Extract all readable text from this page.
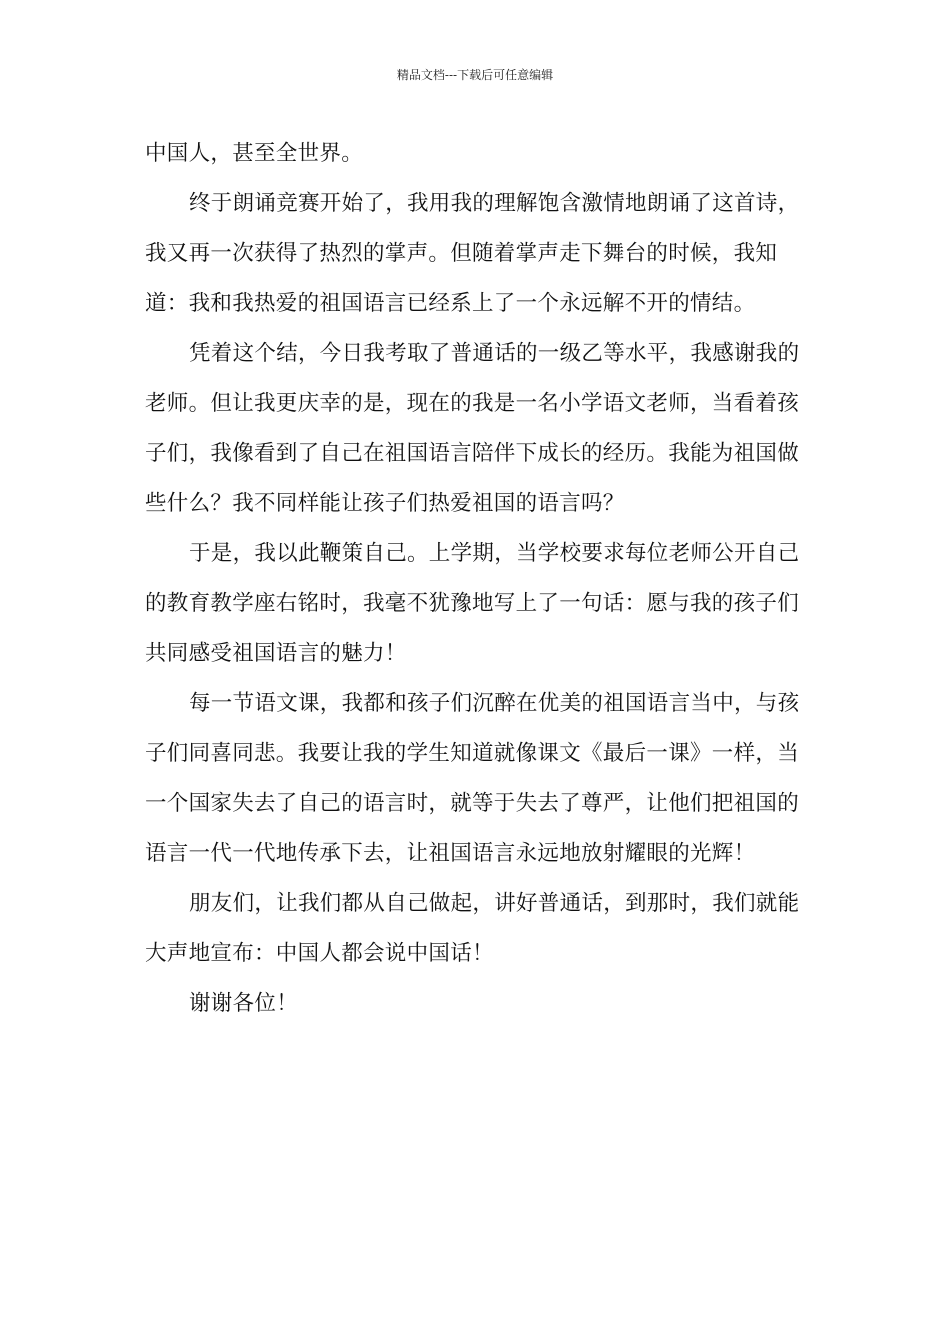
精品文档---下载后可任意编辑

中国人，甚至全世界。

终于朗诵竞赛开始了，我用我的理解饱含激情地朗诵了这首诗，我又再一次获得了热烈的掌声。但随着掌声走下舞台的时候，我知道：我和我热爱的祖国语言已经系上了一个永远解不开的情结。

凭着这个结，今日我考取了普通话的一级乙等水平，我感谢我的老师。但让我更庆幸的是，现在的我是一名小学语文老师，当看着孩子们，我像看到了自己在祖国语言陪伴下成长的经历。我能为祖国做些什么？我不同样能让孩子们热爱祖国的语言吗？

于是，我以此鞭策自己。上学期，当学校要求每位老师公开自己的教育教学座右铭时，我毫不犹豫地写上了一句话：愿与我的孩子们共同感受祖国语言的魅力！

每一节语文课，我都和孩子们沉醉在优美的祖国语言当中，与孩子们同喜同悲。我要让我的学生知道就像课文《最后一课》一样，当一个国家失去了自己的语言时，就等于失去了尊严，让他们把祖国的语言一代一代地传承下去，让祖国语言永远地放射耀眼的光辉！

朋友们，让我们都从自己做起，讲好普通话，到那时，我们就能大声地宣布：中国人都会说中国话！

谢谢各位！
